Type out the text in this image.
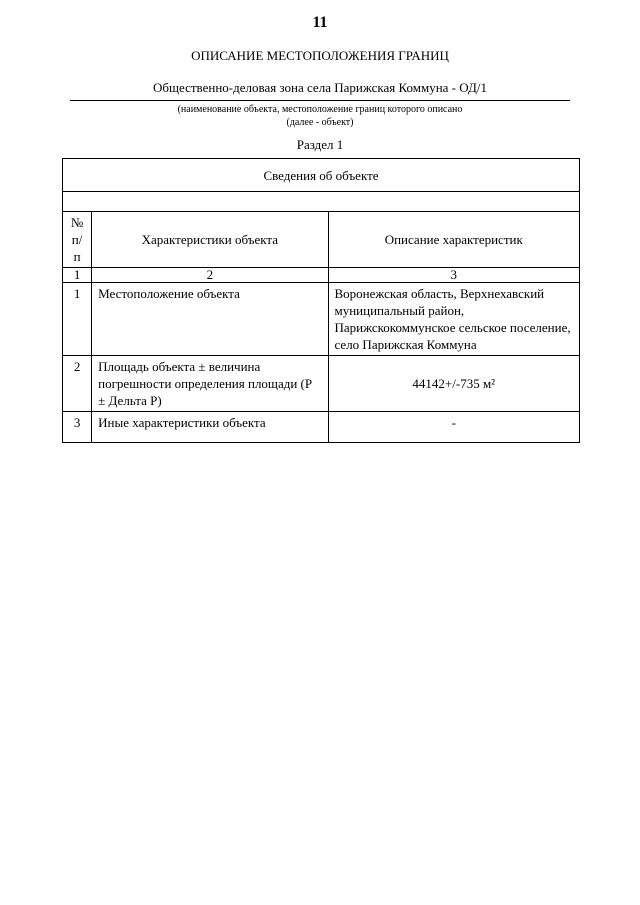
11
ОПИСАНИЕ МЕСТОПОЛОЖЕНИЯ ГРАНИЦ
Общественно-деловая зона села Парижская Коммуна - ОД/1
(наименование объекта, местоположение границ которого описано
(далее - объект)
Раздел 1
Сведения об объекте		

№ п/п	Характеристики объекта	Описание характеристик
1	2	3
1	Местоположение объекта	Воронежская область, Верхнехавский муниципальный район, Парижскокоммунское сельское поселение, село Парижская Коммуна
2	Площадь объекта ± величина погрешности определения площади (P ± Дельта P)	44142+/-735 м²
3	Иные характеристики объекта	-
